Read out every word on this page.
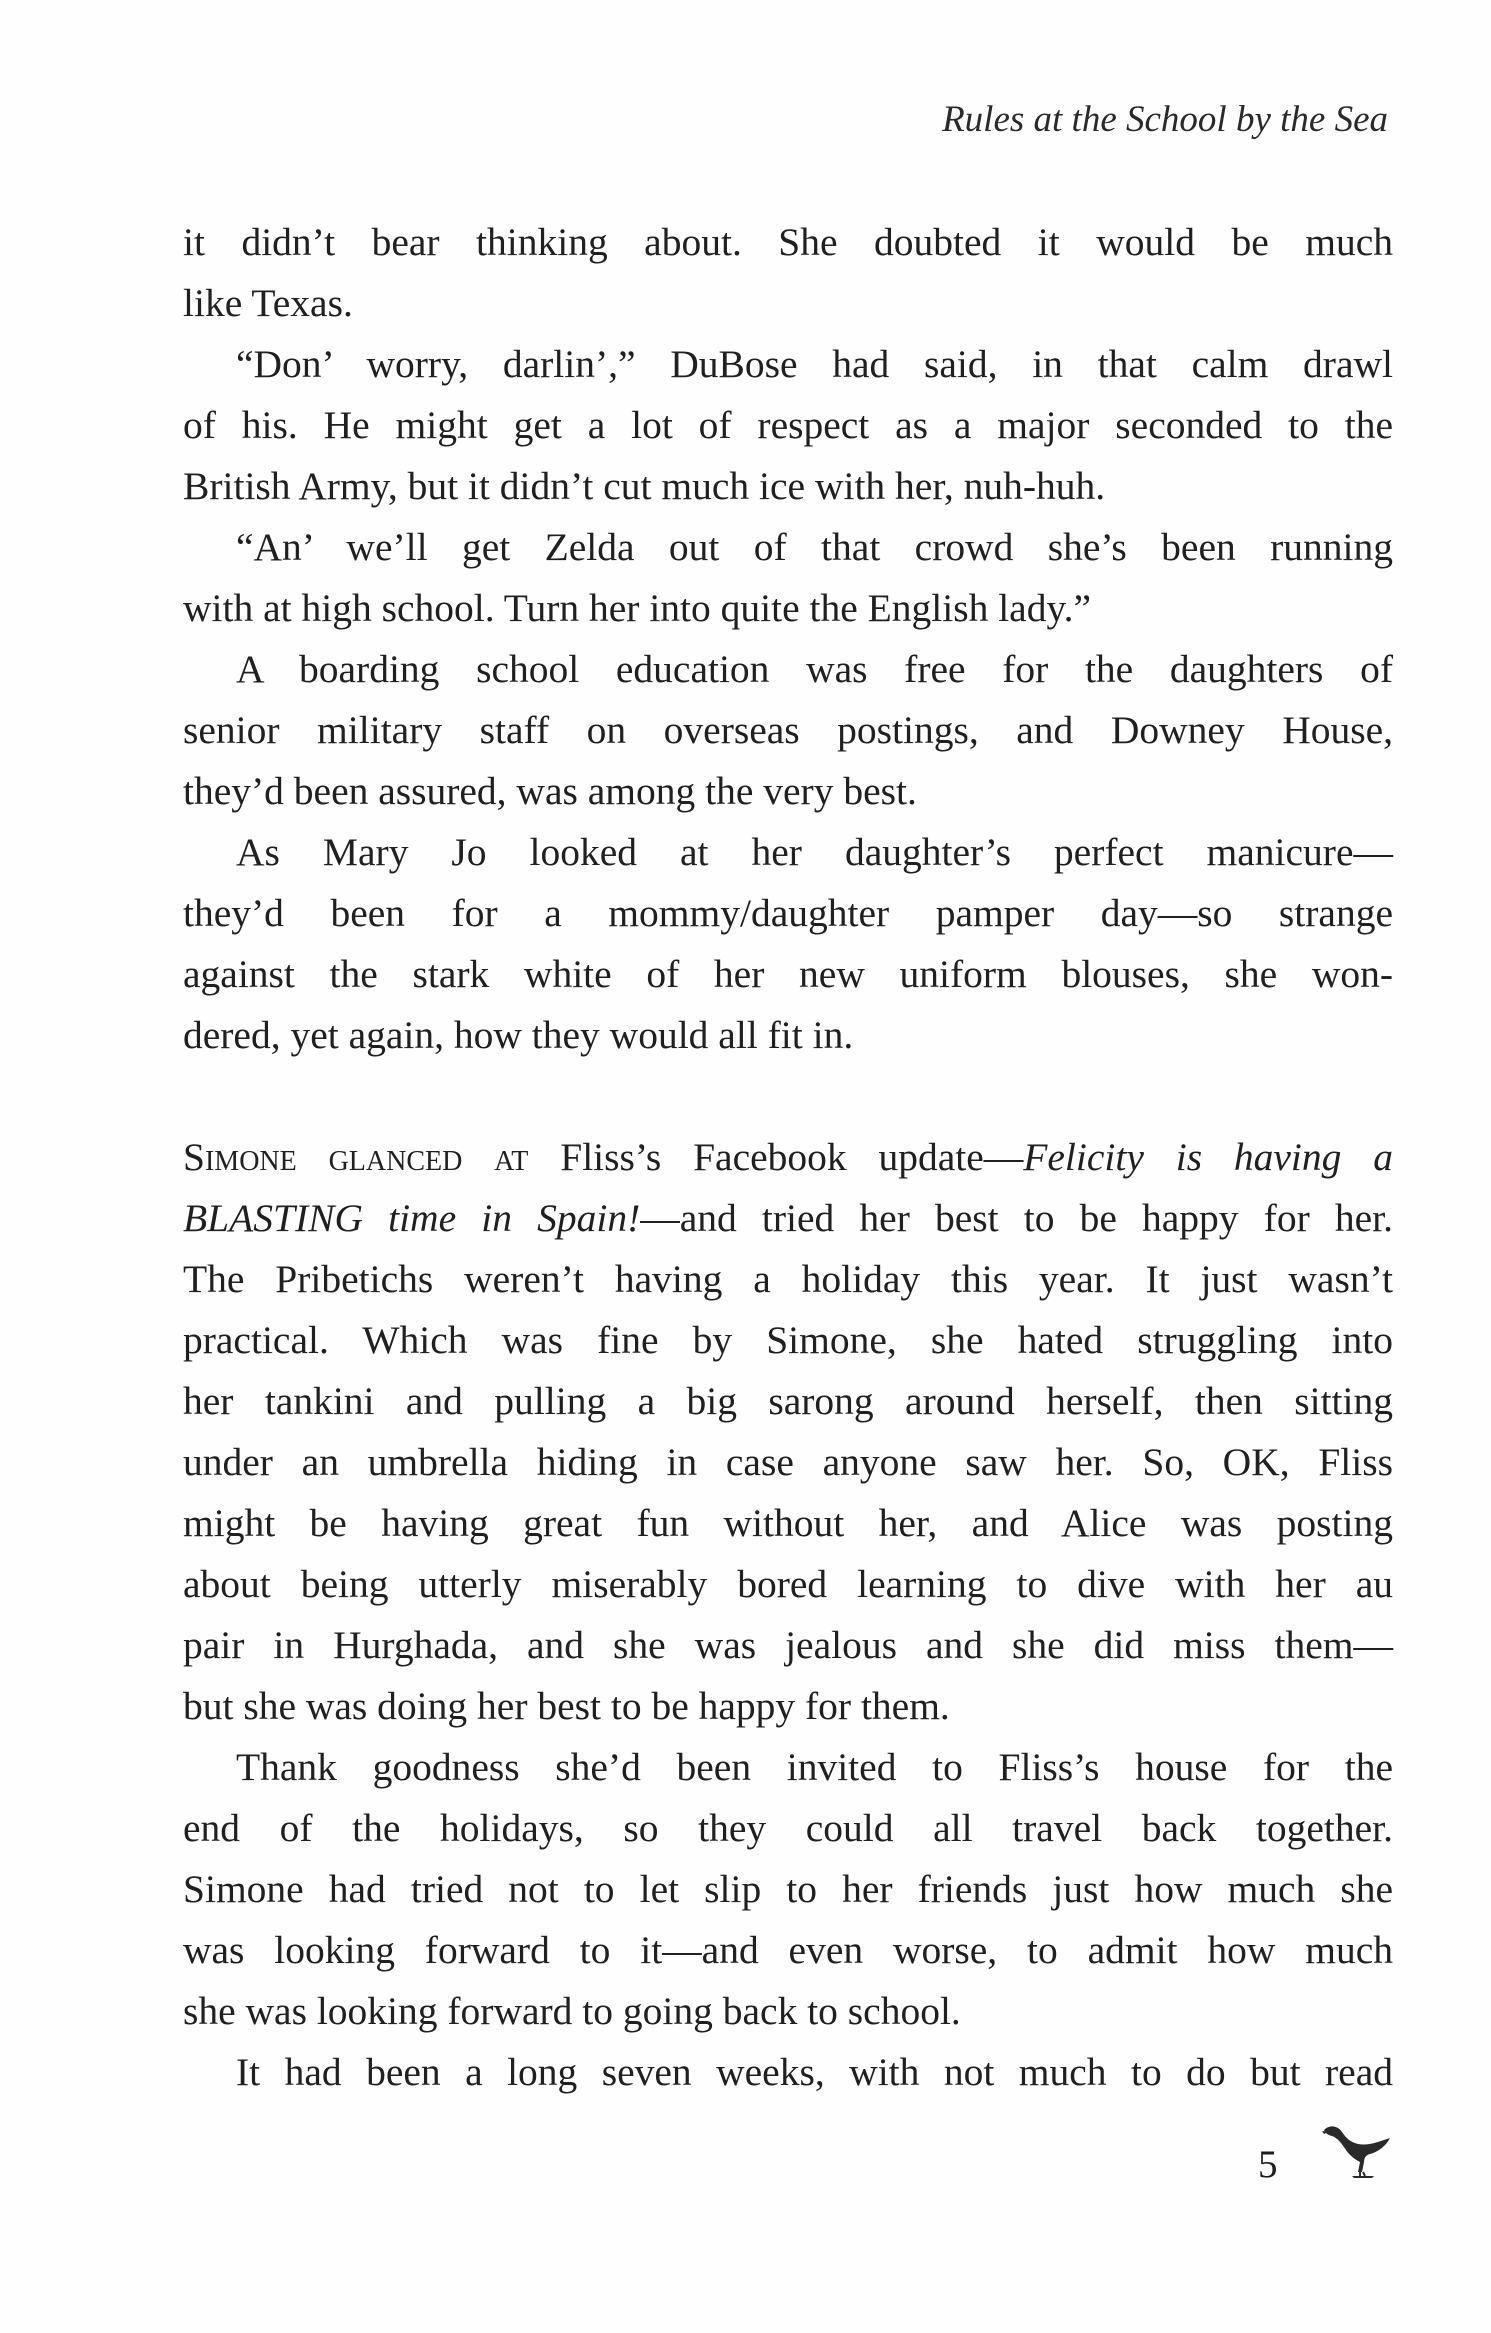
Rules at the School by the Sea

it didn’t bear thinking about. She doubted it would be much
like Texas.

“Don’ worry, darlin’,” DuBose had said, in that calm drawl
of his. He might get a lot of respect as a major seconded to the
British Army, but it didn’t cut much ice with her, nuh-huh.

“An’ we’ll get Zelda out of that crowd she’s been running
with at high school. Turn her into quite the English lady.”

A boarding school education was free for the daughters of
senior military staff on overseas postings, and Downey House,
they’d been assured, was among the very best.

As Mary Jo looked at her daughter’s perfect manicure—
they’d been for a mommy/daughter pamper day—so strange
against the stark white of her new uniform blouses, she won-
dered, yet again, how they would all fit in.

Simone glanced at Fliss’s Facebook update—Felicity is having a
BLASTING time in Spain!—and tried her best to be happy for her.
The Pribetichs weren’t having a holiday this year. It just wasn’t
practical. Which was fine by Simone, she hated struggling into
her tankini and pulling a big sarong around herself, then sitting
under an umbrella hiding in case anyone saw her. So, OK, Fliss
might be having great fun without her, and Alice was posting
about being utterly miserably bored learning to dive with her au
pair in Hurghada, and she was jealous and she did miss them—
but she was doing her best to be happy for them.

Thank goodness she’d been invited to Fliss’s house for the
end of the holidays, so they could all travel back together.
Simone had tried not to let slip to her friends just how much she
was looking forward to it—and even worse, to admit how much
she was looking forward to going back to school.

It had been a long seven weeks, with not much to do but read

5
